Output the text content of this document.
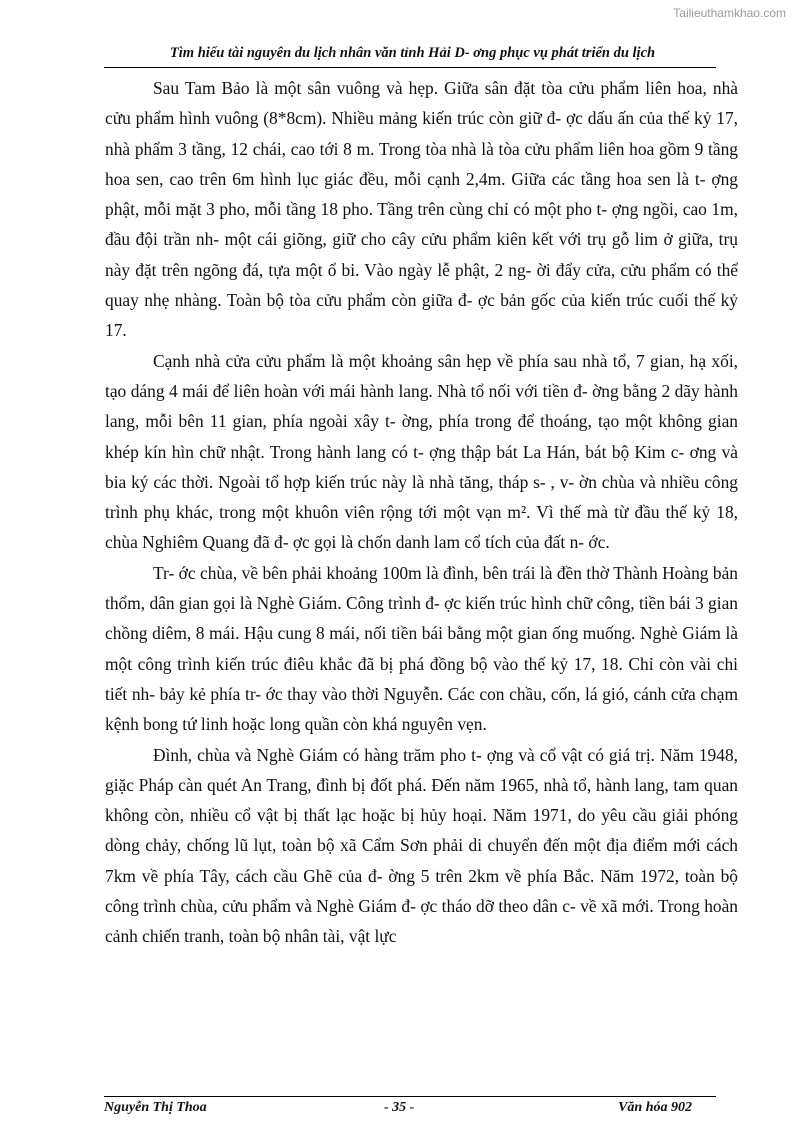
Tailieuthamkhao.com
Tìm hiểu tài nguyên du lịch nhân văn tỉnh Hải D- ơng phục vụ phát triển du lịch

Sau Tam Bảo là một sân vuông và hẹp. Giữa sân đặt tòa cửu phẩm liên hoa, nhà cửu phẩm hình vuông (8*8cm). Nhiều mảng kiến trúc còn giữ đ- ợc dấu ấn của thế kỷ 17, nhà phẩm 3 tầng, 12 chái, cao tới 8 m. Trong tòa nhà là tòa cửu phẩm liên hoa gồm 9 tầng hoa sen, cao trên 6m hình lục giác đều, mỗi cạnh 2,4m. Giữa các tầng hoa sen là t- ợng phật, mỗi mặt 3 pho, mỗi tầng 18 pho. Tầng trên cùng chỉ có một pho t- ợng ngồi, cao 1m, đầu đội trần nh- một cái giõng, giữ cho cây cửu phẩm kiên kết với trụ gỗ lim ở giữa, trụ này đặt trên ngõng đá, tựa một ổ bi. Vào ngày lễ phật, 2 ng- ời đẩy cửa, cửu phẩm có thể quay nhẹ nhàng. Toàn bộ tòa cửu phẩm còn giữa đ- ợc bản gốc của kiến trúc cuối thế kỷ 17.

Cạnh nhà cửa cửu phẩm là một khoảng sân hẹp về phía sau nhà tổ, 7 gian, hạ xối, tạo dáng 4 mái để liên hoàn với mái hành lang. Nhà tổ nối với tiền đ- ờng bằng 2 dãy hành lang, mỗi bên 11 gian, phía ngoài xây t- ờng, phía trong để thoáng, tạo một không gian khép kín hìn chữ nhật. Trong hành lang có t- ợng thập bát La Hán, bát bộ Kim c- ơng và bia ký các thời. Ngoài tổ hợp kiến trúc này là nhà tăng, tháp s- , v- ờn chùa và nhiều công trình phụ khác, trong một khuôn viên rộng tới một vạn m². Vì thế mà từ đầu thế kỷ 18, chùa Nghiêm Quang đã đ- ợc gọi là chốn danh lam cổ tích của đất n- ớc.

Tr- ớc chùa, về bên phải khoảng 100m là đình, bên trái là đền thờ Thành Hoàng bản thổm, dân gian gọi là Nghè Giám. Công trình đ- ợc kiến trúc hình chữ công, tiền bái 3 gian chồng diêm, 8 mái. Hậu cung 8 mái, nối tiền bái bằng một gian ống muống. Nghè Giám là một công trình kiến trúc điêu khắc đã bị phá đồng bộ vào thế kỷ 17, 18. Chỉ còn vài chi tiết nh- bảy kẻ phía tr- ớc thay vào thời Nguyễn. Các con chầu, cốn, lá gió, cánh cửa chạm kệnh bong tứ linh hoặc long quần còn khá nguyên vẹn.

Đình, chùa và Nghè Giám có hàng trăm pho t- ợng và cổ vật có giá trị. Năm 1948, giặc Pháp càn quét An Trang, đình bị đốt phá. Đến năm 1965, nhà tổ, hành lang, tam quan không còn, nhiều cổ vật bị thất lạc hoặc bị hủy hoại. Năm 1971, do yêu cầu giải phóng dòng chảy, chống lũ lụt, toàn bộ xã Cẩm Sơn phải di chuyển đến một địa điểm mới cách 7km về phía Tây, cách cầu Ghẽ của đ- ờng 5 trên 2km về phía Bắc. Năm 1972, toàn bộ công trình chùa, cửu phẩm và Nghè Giám đ- ợc tháo dỡ theo dân c- về xã mới. Trong hoàn cảnh chiến tranh, toàn bộ nhân tài, vật lực

Nguyễn Thị Thoa	- 35 -	Văn hóa 902
